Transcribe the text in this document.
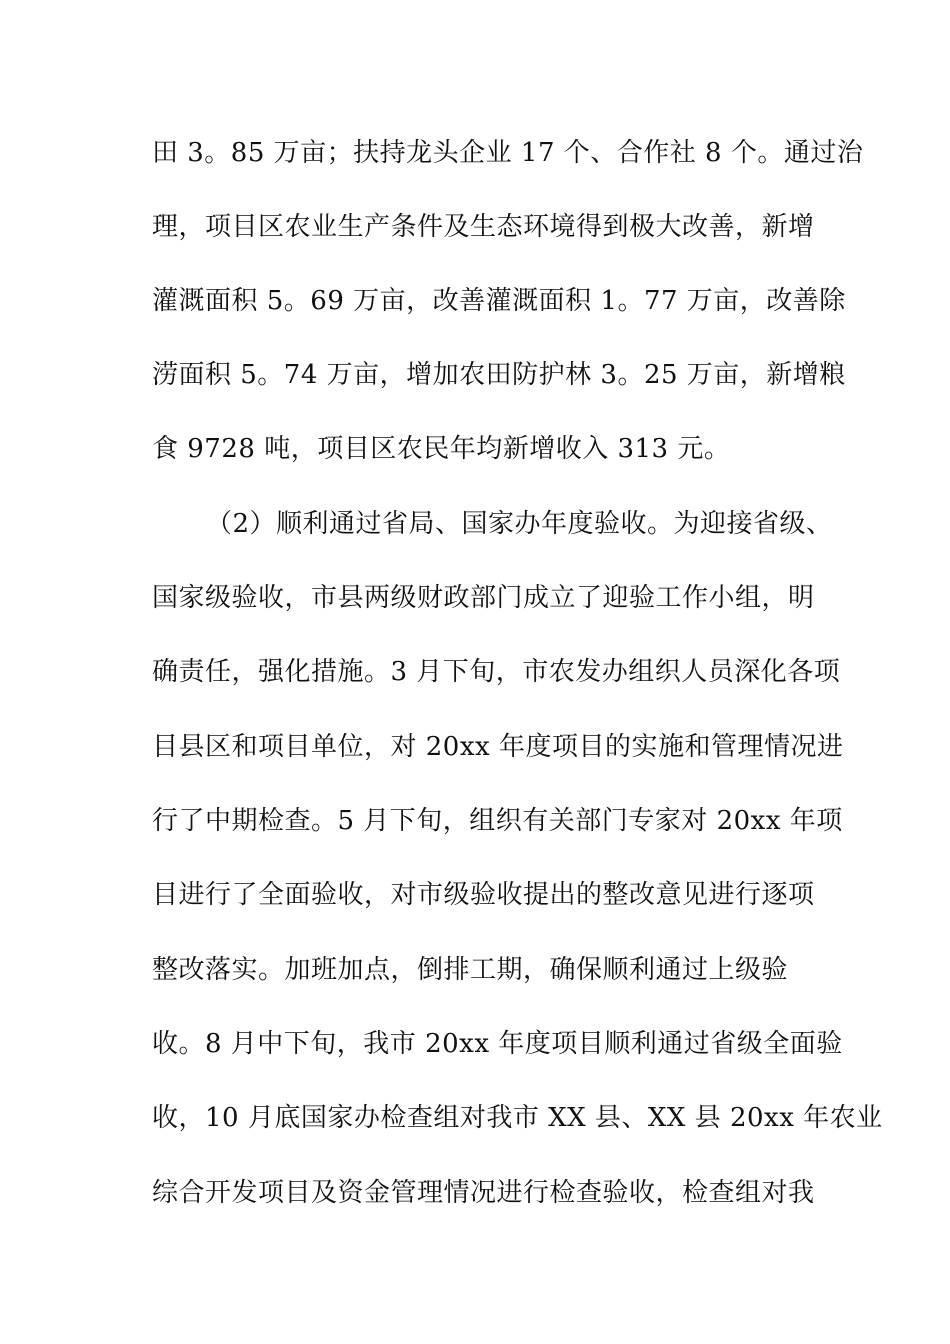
田 3。85 万亩；扶持龙头企业 17 个、合作社 8 个。通过治
理，项目区农业生产条件及生态环境得到极大改善，新增
灌溉面积 5。69 万亩，改善灌溉面积 1。77 万亩，改善除
涝面积 5。74 万亩，增加农田防护林 3。25 万亩，新增粮
食 9728 吨，项目区农民年均新增收入 313 元。
（2）顺利通过省局、国家办年度验收。为迎接省级、
国家级验收，市县两级财政部门成立了迎验工作小组，明
确责任，强化措施。3 月下旬，市农发办组织人员深化各项
目县区和项目单位，对 20xx 年度项目的实施和管理情况进
行了中期检查。5 月下旬，组织有关部门专家对 20xx 年项
目进行了全面验收，对市级验收提出的整改意见进行逐项
整改落实。加班加点，倒排工期，确保顺利通过上级验
收。8 月中下旬，我市 20xx 年度项目顺利通过省级全面验
收，10 月底国家办检查组对我市 XX 县、XX 县 20xx 年农业
综合开发项目及资金管理情况进行检查验收，检查组对我
